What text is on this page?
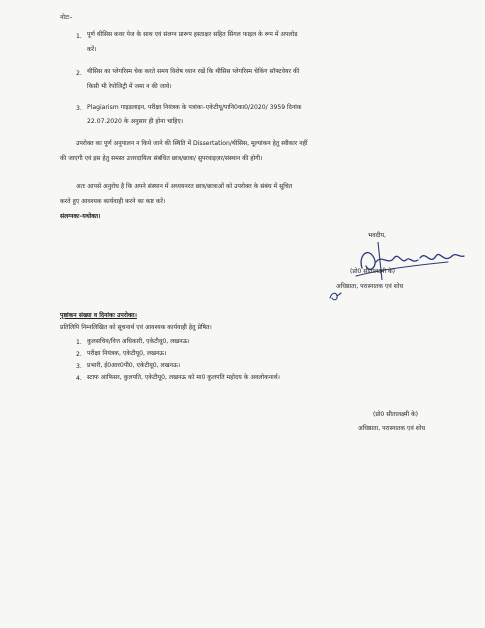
नोटः–
1. पूर्ण थीसिस कवर पेज के साथ एवं संलग्न प्रारूप हस्ताक्षर सहित सिंगल फाइल के रूप में अपलोड
करें।
2. थीसिस का प्लेगरिस्म चेक करते समय विशेष ध्यान रखें कि थीसिस प्लेगरिस्म चेकिंग सॉफ्टवेयर की
किसी भी रेपोजिट्री में जमा न की जाये।
3. Plagiarism गाइडलाइन, परीक्षा नियंत्रक के पत्रांकः–एकेटीयू/पानि0का0/2020/ 3959 दिनांक
22.07.2020 के अनुसार ही होना चाहिए।
उपरोक्त का पूर्ण अनुपालन न किये जाने की स्थिति में Dissertation/थीसिस, मूल्यांकन हेतु स्वीकार नहीं
की जाएगी एवं इस हेतु समस्त उत्तरदायित्व संबंधित छात्र/छात्रा/ सुपरवाइज़र/संस्थान की होगी।
अतः आपसे अनुरोध है कि अपने संस्थान में अध्ययनरत छात्र/छात्राओं को उपरोक्त के संबंध में सूचित
करते हुए आवश्यक कार्यवाही करने का कष्ट करें।
संलग्नकः–यथोक्त।
भवदीय,
(प्रो0 सीतालक्ष्मी के)
अधिष्ठाता, परास्नातक एवं शोध
पृष्ठांकन संख्या व दिनांकः उपरोक्त।
प्रतिलिपि निम्नलिखित को सूचनार्थ एवं आवश्यक कार्यवाही हेतु प्रेषित।
1. कुलसचिव/वित्त अधिकारी, एकेटीयू0, लखनऊ।
2. परीक्षा नियंत्रक, एकेटीयू0, लखनऊ।
3. प्रभारी, ई0आर0पी0, एकेटीयू0, लखनऊ।
4. स्टाफ आफिसर, कुलपति, एकेटीयू0, लखनऊ को मा0 कुलपति महोदय के अवलोकनार्थ।
(प्रो0 सीतालक्ष्मी के)
अधिष्ठाता, परास्नातक एवं शोध
